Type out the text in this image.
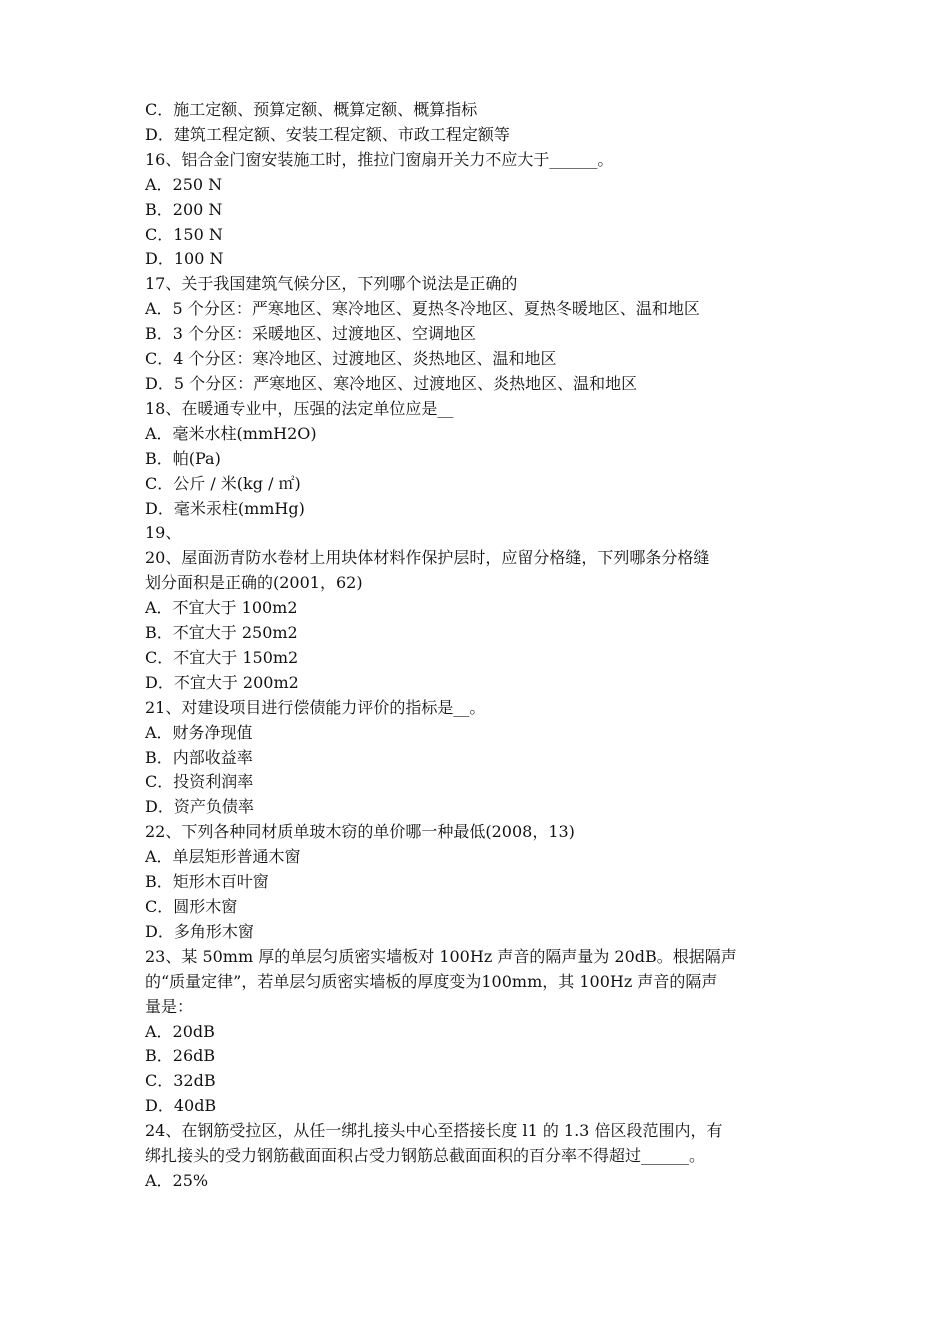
C．施工定额、预算定额、概算定额、概算指标
D．建筑工程定额、安装工程定额、市政工程定额等
16、铝合金门窗安装施工时，推拉门窗扇开关力不应大于______。
A．250 N
B．200 N
C．150 N
D．100 N
17、关于我国建筑气候分区，下列哪个说法是正确的
A．5 个分区：严寒地区、寒冷地区、夏热冬冷地区、夏热冬暖地区、温和地区
B．3 个分区：采暖地区、过渡地区、空调地区
C．4 个分区：寒冷地区、过渡地区、炎热地区、温和地区
D．5 个分区：严寒地区、寒冷地区、过渡地区、炎热地区、温和地区
18、在暖通专业中，压强的法定单位应是__
A．毫米水柱(mmH2O)
B．帕(Pa)
C．公斤 / 米(kg / ㎡)
D．毫米汞柱(mmHg)
19、
20、屋面沥青防水卷材上用块体材料作保护层时，应留分格缝，下列哪条分格缝
划分面积是正确的(2001，62)
A．不宜大于 100m2
B．不宜大于 250m2
C．不宜大于 150m2
D．不宜大于 200m2
21、对建设项目进行偿债能力评价的指标是__。
A．财务净现值
B．内部收益率
C．投资利润率
D．资产负债率
22、下列各种同材质单玻木窃的单价哪一种最低(2008，13)
A．单层矩形普通木窗
B．矩形木百叶窗
C．圆形木窗
D．多角形木窗
23、某 50mm 厚的单层匀质密实墙板对 100Hz 声音的隔声量为 20dB。根据隔声
的“质量定律”，若单层匀质密实墙板的厚度变为100mm，其 100Hz 声音的隔声
量是：
A．20dB
B．26dB
C．32dB
D．40dB
24、在钢筋受拉区，从任一绑扎接头中心至搭接长度 l1 的 1.3 倍区段范围内，有
绑扎接头的受力钢筋截面面积占受力钢筋总截面面积的百分率不得超过______。
A．25%
